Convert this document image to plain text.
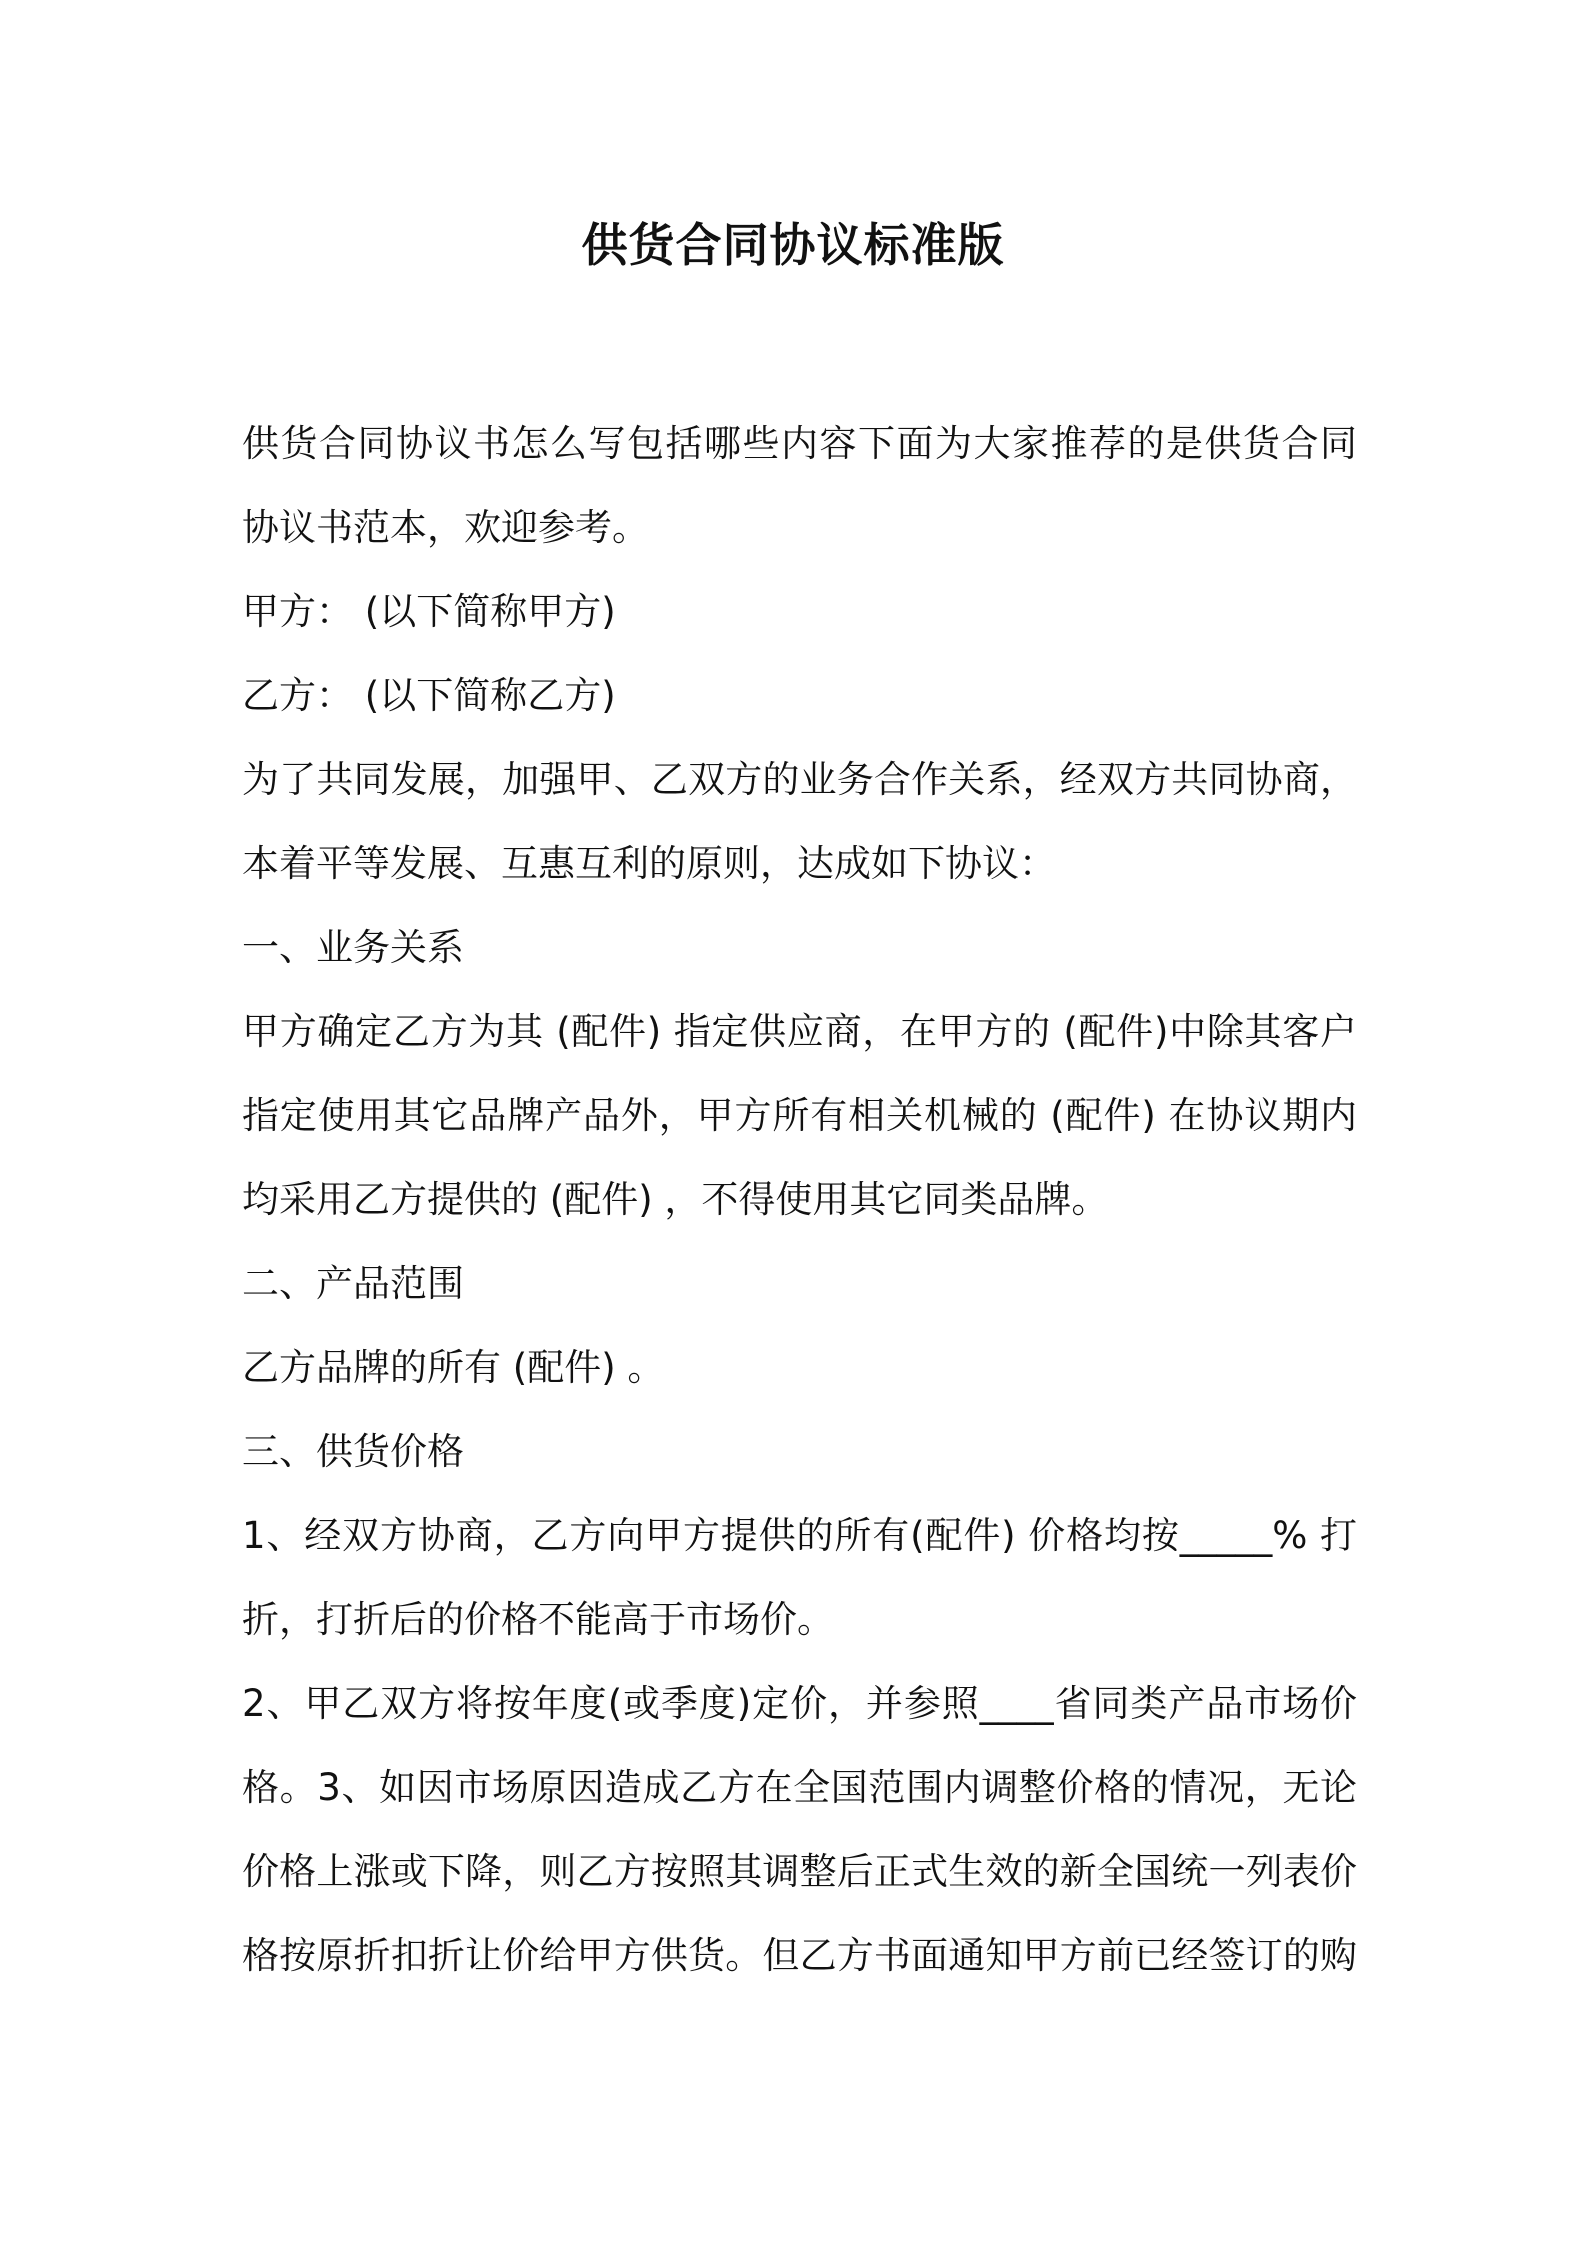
供货合同协议标准版
供货合同协议书怎么写包括哪些内容下面为大家推荐的是供货合同
协议书范本，欢迎参考。
甲方： (以下简称甲方)
乙方： (以下简称乙方)
为了共同发展，加强甲、乙双方的业务合作关系，经双方共同协商，
本着平等发展、互惠互利的原则，达成如下协议：
一、业务关系
甲方确定乙方为其 (配件) 指定供应商，在甲方的 (配件)中除其客户
指定使用其它品牌产品外，甲方所有相关机械的 (配件) 在协议期内
均采用乙方提供的 (配件) ，不得使用其它同类品牌。
二、产品范围
乙方品牌的所有 (配件) 。
三、供货价格
1、经双方协商，乙方向甲方提供的所有(配件) 价格均按_____% 打
折，打折后的价格不能高于市场价。
2、甲乙双方将按年度(或季度)定价，并参照____省同类产品市场价
格。3、如因市场原因造成乙方在全国范围内调整价格的情况，无论
价格上涨或下降，则乙方按照其调整后正式生效的新全国统一列表价
格按原折扣折让价给甲方供货。但乙方书面通知甲方前已经签订的购
